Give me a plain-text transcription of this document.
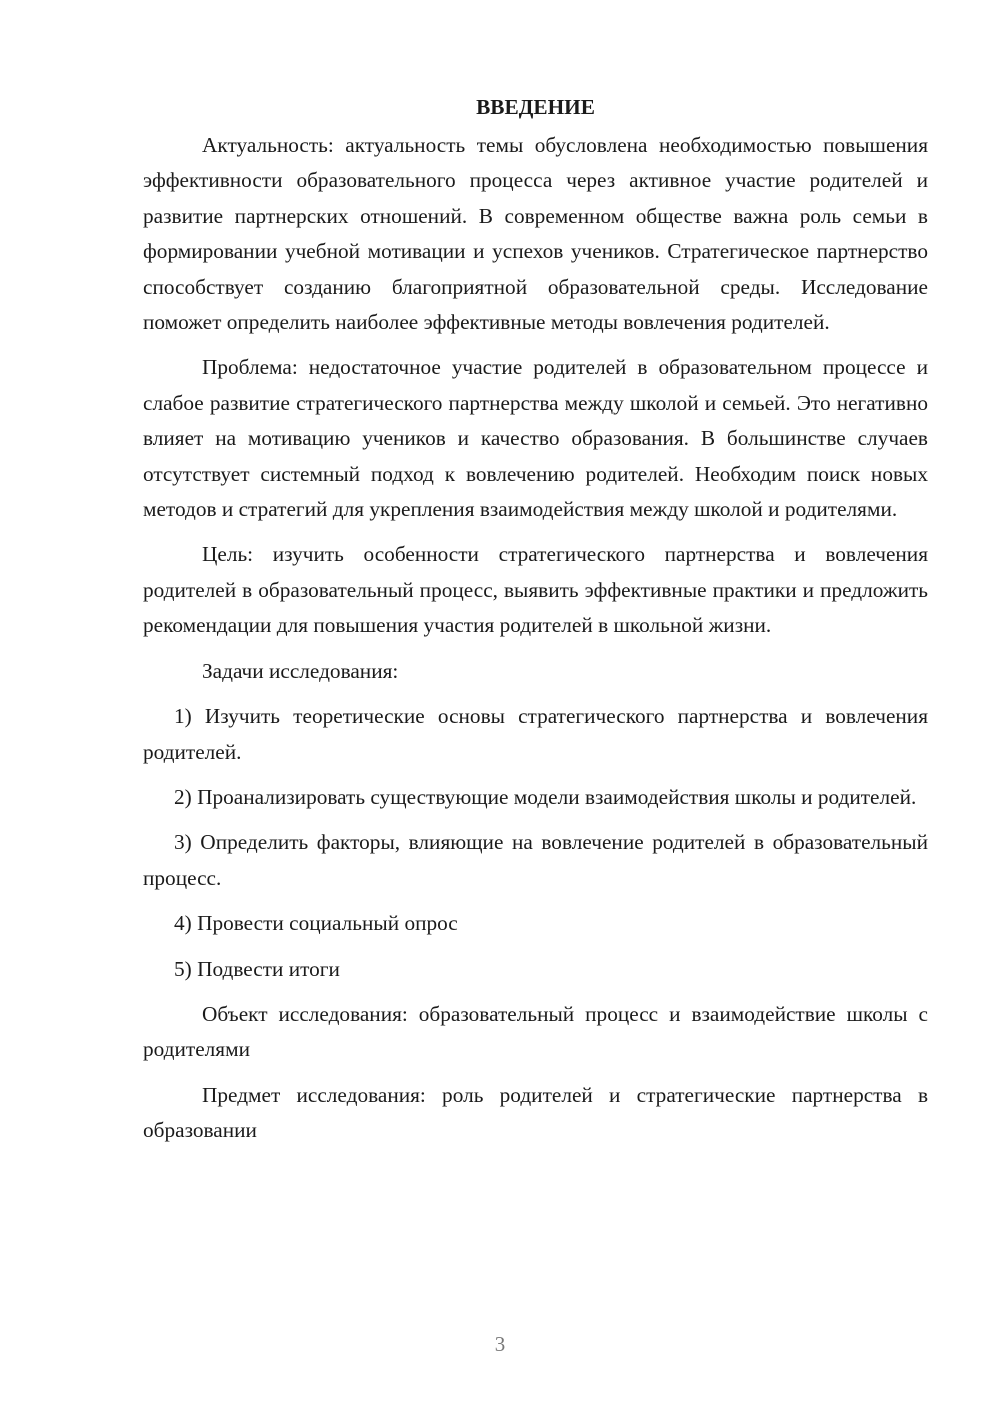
ВВЕДЕНИЕ

Актуальность: актуальность темы обусловлена необходимостью повышения эффективности образовательного процесса через активное участие родителей и развитие партнерских отношений. В современном обществе важна роль семьи в формировании учебной мотивации и успехов учеников. Стратегическое партнерство способствует созданию благоприятной образовательной среды. Исследование поможет определить наиболее эффективные методы вовлечения родителей.

Проблема: недостаточное участие родителей в образовательном процессе и слабое развитие стратегического партнерства между школой и семьей. Это негативно влияет на мотивацию учеников и качество образования. В большинстве случаев отсутствует системный подход к вовлечению родителей. Необходим поиск новых методов и стратегий для укрепления взаимодействия между школой и родителями.

Цель: изучить особенности стратегического партнерства и вовлечения родителей в образовательный процесс, выявить эффективные практики и предложить рекомендации для повышения участия родителей в школьной жизни.

Задачи исследования:

1) Изучить теоретические основы стратегического партнерства и вовлечения родителей.

2) Проанализировать существующие модели взаимодействия школы и родителей.

3) Определить факторы, влияющие на вовлечение родителей в образовательный процесс.

4) Провести социальный опрос

5) Подвести итоги

Объект исследования: образовательный процесс и взаимодействие школы с родителями

Предмет исследования: роль родителей и стратегические партнерства в образовании

3
